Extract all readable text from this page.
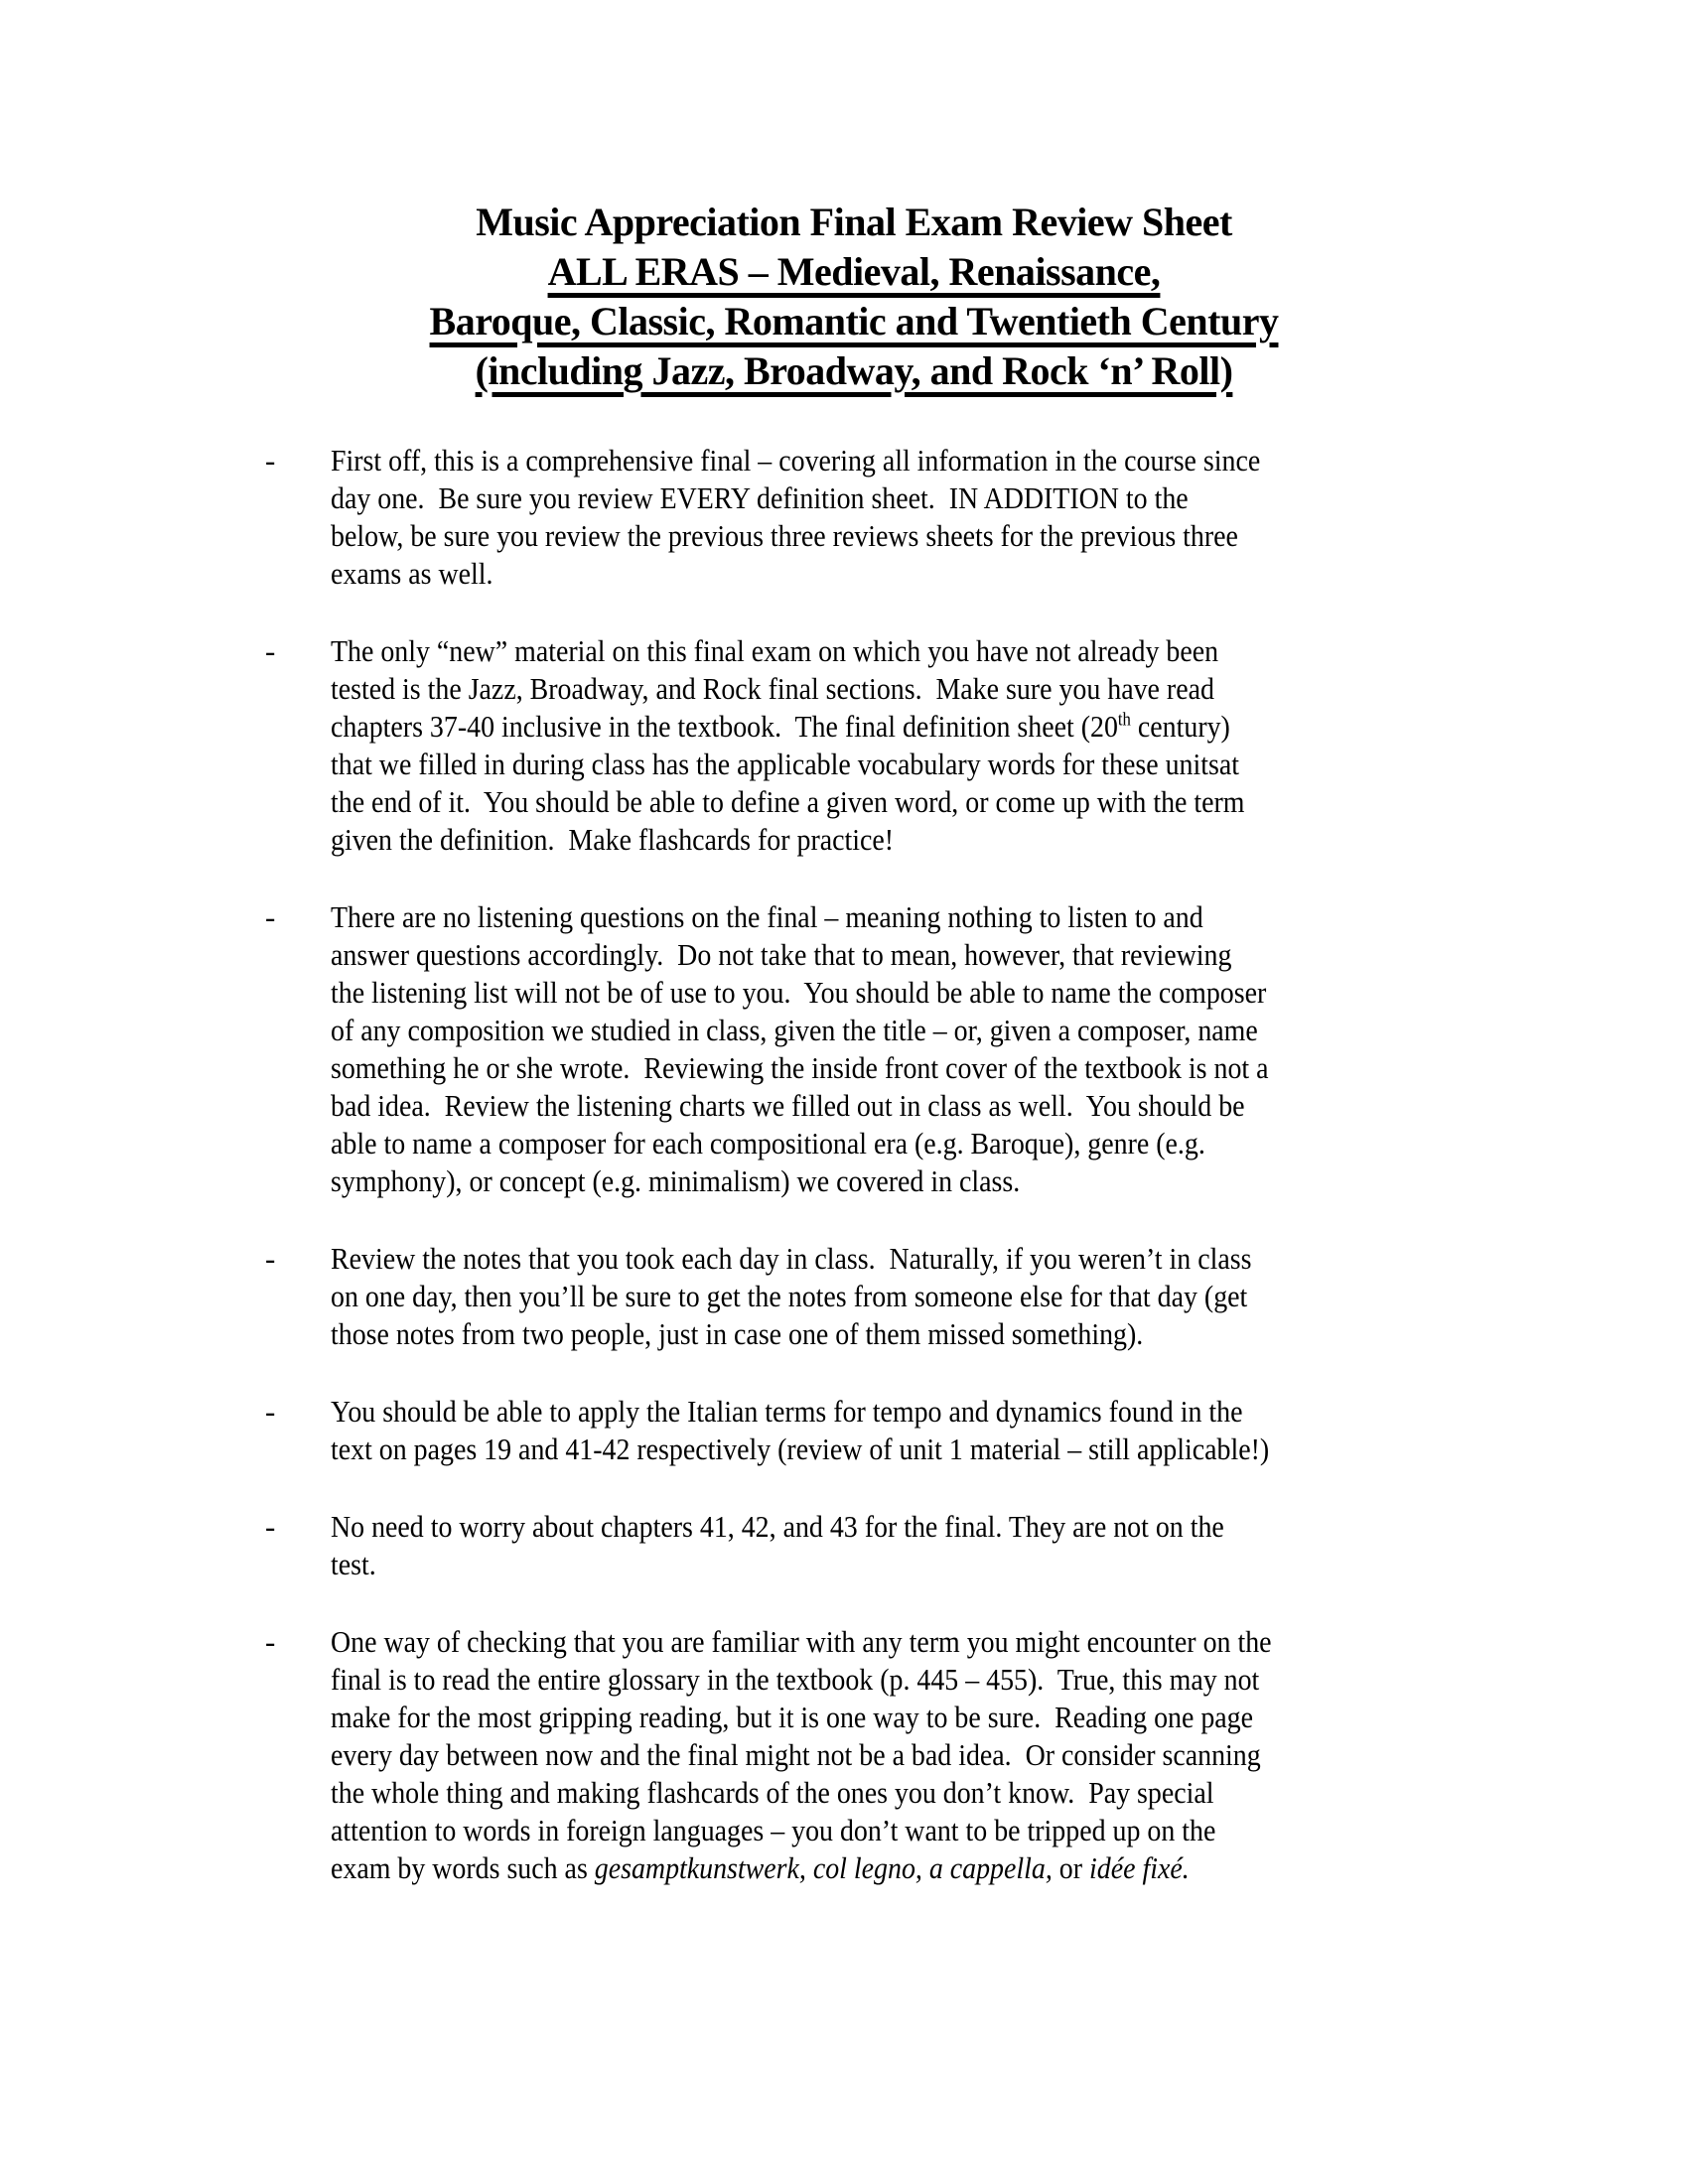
Music Appreciation Final Exam Review Sheet
ALL ERAS – Medieval, Renaissance,
Baroque, Classic, Romantic and Twentieth Century
(including Jazz, Broadway, and Rock ‘n’ Roll)
- First off, this is a comprehensive final – covering all information in the course since
day one.  Be sure you review EVERY definition sheet.  IN ADDITION to the
below, be sure you review the previous three reviews sheets for the previous three
exams as well.
- The only “new” material on this final exam on which you have not already been
tested is the Jazz, Broadway, and Rock final sections.  Make sure you have read
chapters 37-40 inclusive in the textbook.  The final definition sheet (20th century)
that we filled in during class has the applicable vocabulary words for these unitsat
the end of it.  You should be able to define a given word, or come up with the term
given the definition.  Make flashcards for practice!
- There are no listening questions on the final – meaning nothing to listen to and
answer questions accordingly.  Do not take that to mean, however, that reviewing
the listening list will not be of use to you.  You should be able to name the composer
of any composition we studied in class, given the title – or, given a composer, name
something he or she wrote.  Reviewing the inside front cover of the textbook is not a
bad idea.  Review the listening charts we filled out in class as well.  You should be
able to name a composer for each compositional era (e.g. Baroque), genre (e.g.
symphony), or concept (e.g. minimalism) we covered in class.
- Review the notes that you took each day in class.  Naturally, if you weren’t in class
on one day, then you’ll be sure to get the notes from someone else for that day (get
those notes from two people, just in case one of them missed something).
- You should be able to apply the Italian terms for tempo and dynamics found in the
text on pages 19 and 41-42 respectively (review of unit 1 material – still applicable!)
- No need to worry about chapters 41, 42, and 43 for the final. They are not on the
test.
- One way of checking that you are familiar with any term you might encounter on the
final is to read the entire glossary in the textbook (p. 445 – 455).  True, this may not
make for the most gripping reading, but it is one way to be sure.  Reading one page
every day between now and the final might not be a bad idea.  Or consider scanning
the whole thing and making flashcards of the ones you don’t know.  Pay special
attention to words in foreign languages – you don’t want to be tripped up on the
exam by words such as gesamptkunstwerk, col legno, a cappella, or idée fixé.
